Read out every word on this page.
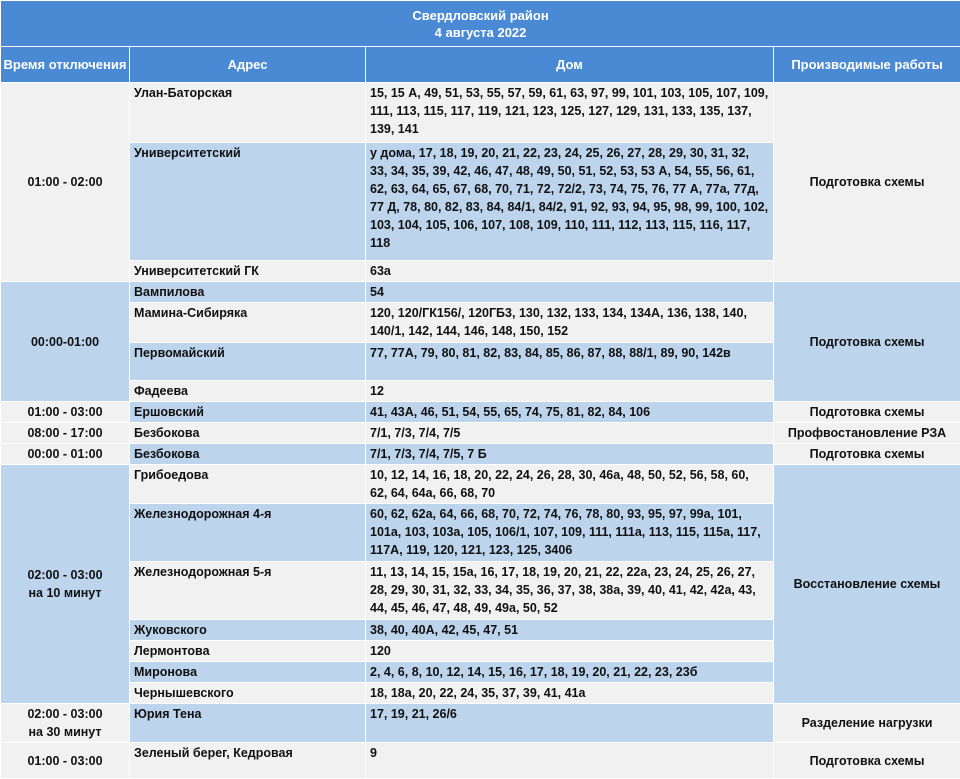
Свердловский район
4 августа 2022			

Время отключения	Адрес	Дом	Производимые работы

01:00 - 02:00	Улан-Баторская	15, 15 А, 49, 51, 53, 55, 57, 59, 61, 63, 97, 99, 101, 103, 105, 107, 109, 111, 113, 115, 117, 119, 121, 123, 125, 127, 129, 131, 133, 135, 137, 139, 141	Подготовка схемы
	Университетский	у дома, 17, 18, 19, 20, 21, 22, 23, 24, 25, 26, 27, 28, 29, 30, 31, 32, 33, 34, 35, 39, 42, 46, 47, 48, 49, 50, 51, 52, 53, 53 А, 54, 55, 56, 61, 62, 63, 64, 65, 67, 68, 70, 71, 72, 72/2, 73, 74, 75, 76, 77 А, 77а, 77д, 77 Д, 78, 80, 82, 83, 84, 84/1, 84/2, 91, 92, 93, 94, 95, 98, 99, 100, 102, 103, 104, 105, 106, 107, 108, 109, 110, 111, 112, 113, 115, 116, 117, 118	
	Университетский ГК	63а	

00:00-01:00	Вампилова	54	Подготовка схемы
	Мамина-Сибиряка	120, 120/ГК156/, 120ГБ3, 130, 132, 133, 134, 134А, 136, 138, 140, 140/1, 142, 144, 146, 148, 150, 152	
	Первомайский	77, 77А, 79, 80, 81, 82, 83, 84, 85, 86, 87, 88, 88/1, 89, 90, 142в	
	Фадеева	12	

01:00 - 03:00	Ершовский	41, 43А, 46, 51, 54, 55, 65, 74, 75, 81, 82, 84, 106	Подготовка схемы

08:00 - 17:00	Безбокова	7/1, 7/3, 7/4, 7/5	Профвостановление РЗА

00:00 - 01:00	Безбокова	7/1, 7/3, 7/4, 7/5, 7 Б	Подготовка схемы

02:00 - 03:00
на 10 минут	Грибоедова	10, 12, 14, 16, 18, 20, 22, 24, 26, 28, 30, 46а, 48, 50, 52, 56, 58, 60, 62, 64, 64а, 66, 68, 70	Восстановление схемы
	Железнодорожная 4-я	60, 62, 62а, 64, 66, 68, 70, 72, 74, 76, 78, 80, 93, 95, 97, 99а, 101, 101а, 103, 103а, 105, 106/1, 107, 109, 111, 111а, 113, 115, 115а, 117, 117А, 119, 120, 121, 123, 125, 3406	
	Железнодорожная 5-я	11, 13, 14, 15, 15а, 16, 17, 18, 19, 20, 21, 22, 22а, 23, 24, 25, 26, 27, 28, 29, 30, 31, 32, 33, 34, 35, 36, 37, 38, 38а, 39, 40, 41, 42, 42а, 43, 44, 45, 46, 47, 48, 49, 49а, 50, 52	
	Жуковского	38, 40, 40А, 42, 45, 47, 51	
	Лермонтова	120	
	Миронова	2, 4, 6, 8, 10, 12, 14, 15, 16, 17, 18, 19, 20, 21, 22, 23, 23б	
	Чернышевского	18, 18а, 20, 22, 24, 35, 37, 39, 41, 41а	

02:00 - 03:00
на 30 минут	Юрия Тена	17, 19, 21, 26/6	Разделение нагрузки

01:00 - 03:00	Зеленый берег, Кедровая	9	Подготовка схемы
